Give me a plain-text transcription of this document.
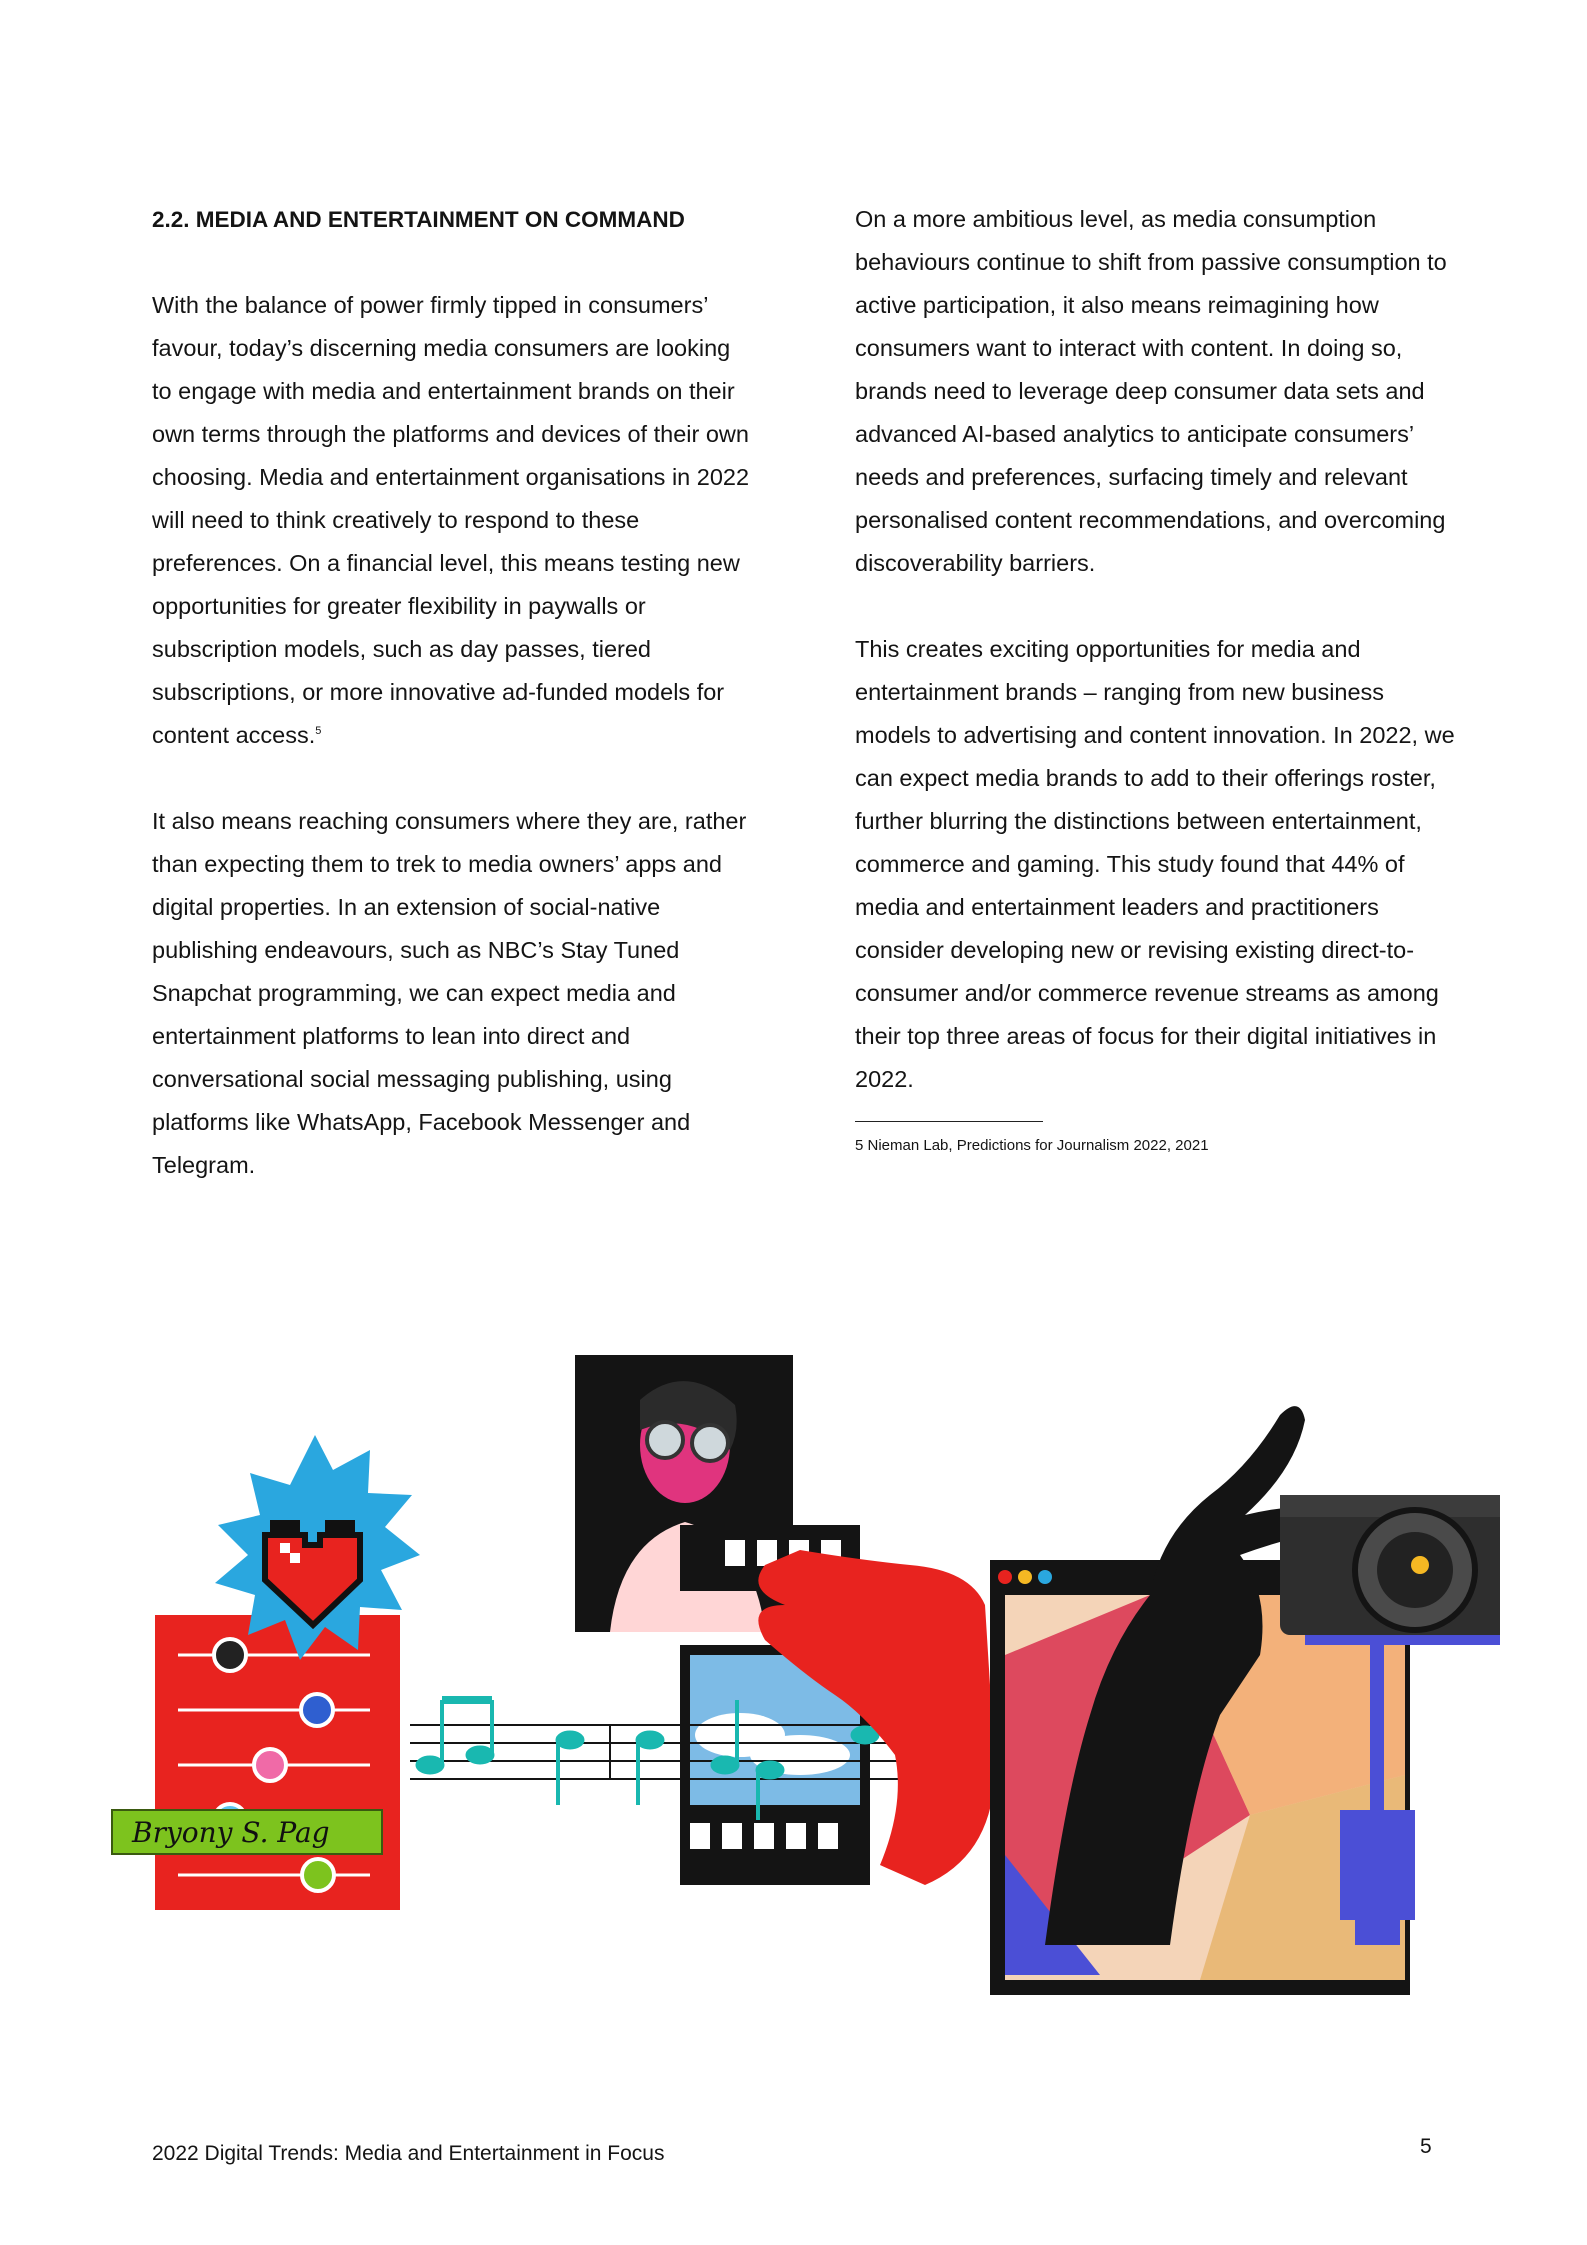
2.2. MEDIA AND ENTERTAINMENT ON COMMAND

With the balance of power firmly tipped in consumers’ favour, today’s discerning media consumers are looking to engage with media and entertainment brands on their own terms through the platforms and devices of their own choosing. Media and entertainment organisations in 2022 will need to think creatively to respond to these preferences. On a financial level, this means testing new opportunities for greater flexibility in paywalls or subscription models, such as day passes, tiered subscriptions, or more innovative ad-funded models for content access.$^5$

It also means reaching consumers where they are, rather than expecting them to trek to media owners’ apps and digital properties. In an extension of social-native publishing endeavours, such as NBC’s Stay Tuned Snapchat programming, we can expect media and entertainment platforms to lean into direct and conversational social messaging publishing, using platforms like WhatsApp, Facebook Messenger and Telegram.

On a more ambitious level, as media consumption behaviours continue to shift from passive consumption to active participation, it also means reimagining how consumers want to interact with content. In doing so, brands need to leverage deep consumer data sets and advanced AI-based analytics to anticipate consumers’ needs and preferences, surfacing timely and relevant personalised content recommendations, and overcoming discoverability barriers.

This creates exciting opportunities for media and entertainment brands – ranging from new business models to advertising and content innovation. In 2022, we can expect media brands to add to their offerings roster, further blurring the distinctions between entertainment, commerce and gaming. This study found that 44% of media and entertainment leaders and practitioners consider developing new or revising existing direct-to-consumer and/or commerce revenue streams as among their top three areas of focus for their digital initiatives in 2022.

5 Nieman Lab, Predictions for Journalism 2022, 2021
Bryony S. Pag
2022 Digital Trends: Media and Entertainment in Focus	5
